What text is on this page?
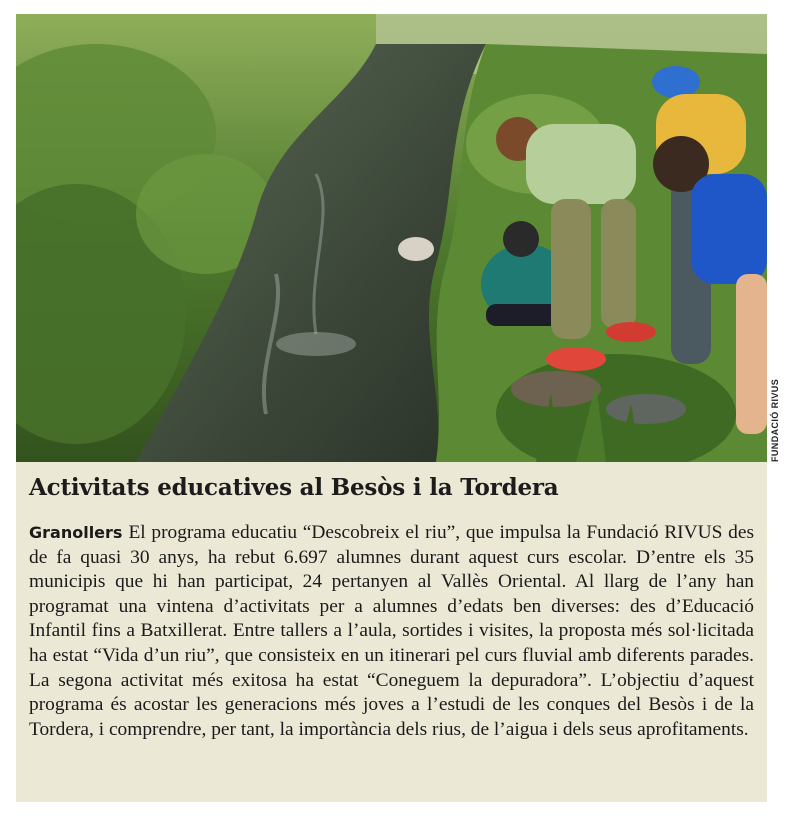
FUNDACIÓ RIVUS
Activitats educatives al Besòs i la Tordera
Granollers El programa educatiu “Descobreix el riu”, que impulsa la Fundació RIVUS des de fa quasi 30 anys, ha rebut 6.697 alumnes durant aquest curs escolar. D’entre els 35 municipis que hi han participat, 24 pertanyen al Vallès Oriental. Al llarg de l’any han programat una vintena d’activitats per a alumnes d’edats ben diverses: des d’Educació Infantil fins a Batxillerat. Entre tallers a l’aula, sortides i visites, la proposta més sol·licitada ha estat “Vida d’un riu”, que consisteix en un itinerari pel curs fluvial amb diferents parades. La segona activitat més exitosa ha estat “Coneguem la depuradora”. L’objectiu d’aquest programa és acostar les generacions més joves a l’estudi de les conques del Besòs i de la Tordera, i comprendre, per tant, la importància dels rius, de l’aigua i dels seus aprofitaments.
